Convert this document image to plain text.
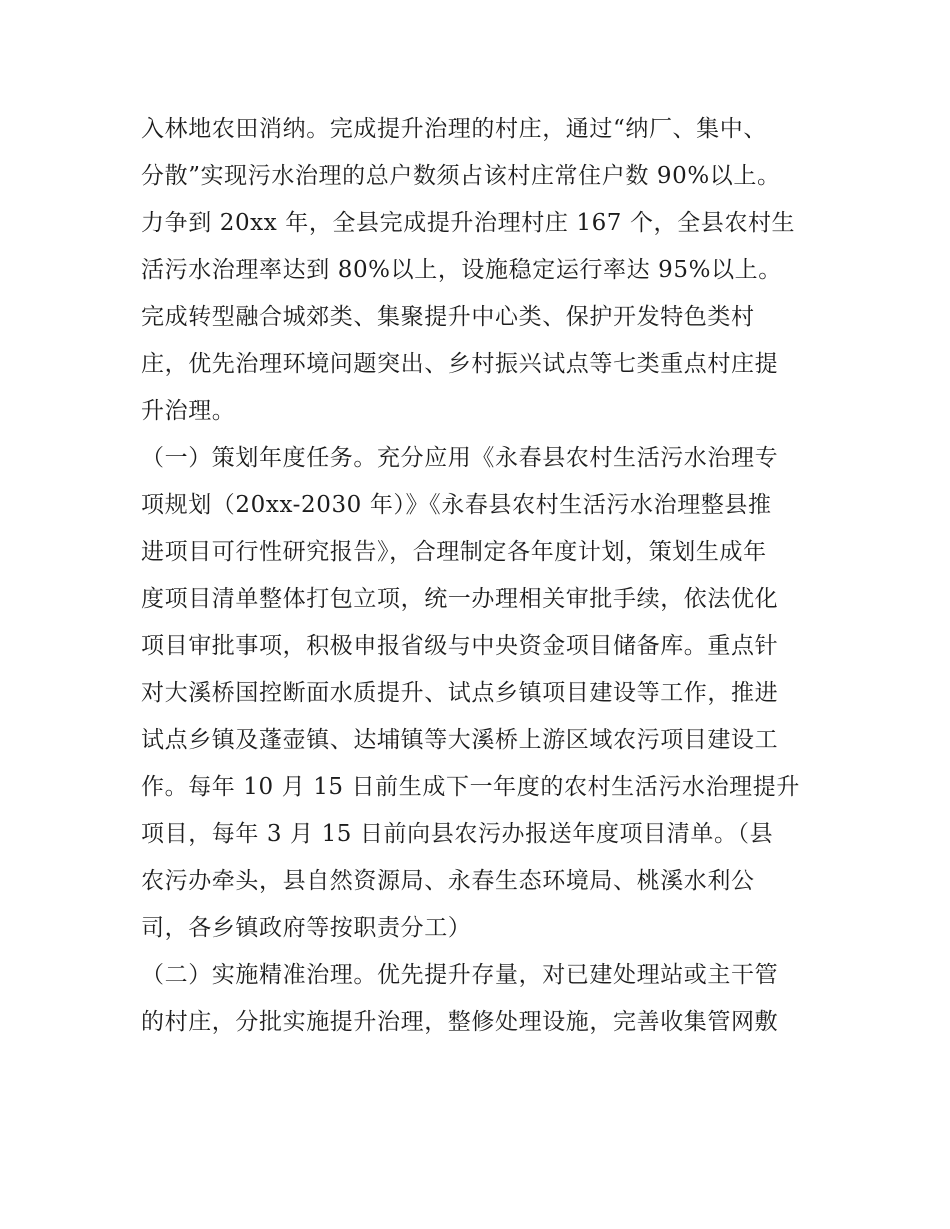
入林地农田消纳。完成提升治理的村庄，通过“纳厂、集中、
分散”实现污水治理的总户数须占该村庄常住户数 90%以上。
力争到 20xx 年，全县完成提升治理村庄 167 个，全县农村生
活污水治理率达到 80%以上，设施稳定运行率达 95%以上。
完成转型融合城郊类、集聚提升中心类、保护开发特色类村
庄，优先治理环境问题突出、乡村振兴试点等七类重点村庄提
升治理。
（一）策划年度任务。充分应用《永春县农村生活污水治理专
项规划（20xx-2030 年）》《永春县农村生活污水治理整县推
进项目可行性研究报告》，合理制定各年度计划，策划生成年
度项目清单整体打包立项，统一办理相关审批手续，依法优化
项目审批事项，积极申报省级与中央资金项目储备库。重点针
对大溪桥国控断面水质提升、试点乡镇项目建设等工作，推进
试点乡镇及蓬壶镇、达埔镇等大溪桥上游区域农污项目建设工
作。每年 10 月 15 日前生成下一年度的农村生活污水治理提升
项目，每年 3 月 15 日前向县农污办报送年度项目清单。（县
农污办牵头，县自然资源局、永春生态环境局、桃溪水利公
司，各乡镇政府等按职责分工）
（二）实施精准治理。优先提升存量，对已建处理站或主干管
的村庄，分批实施提升治理，整修处理设施，完善收集管网敷
